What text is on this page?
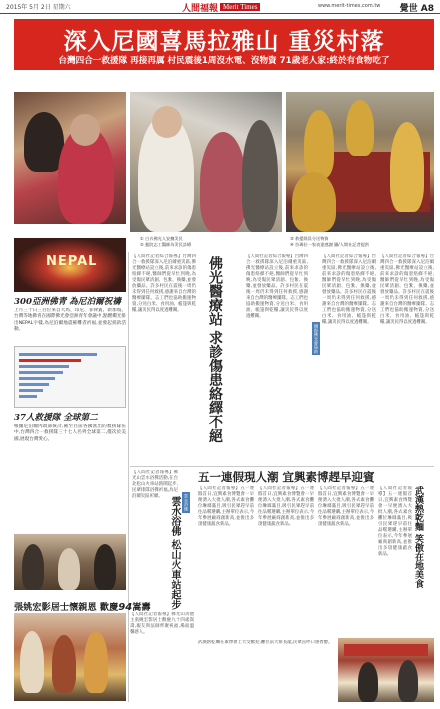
2015年 5月 2日 星期六	人間福報 Merit Times	www.merit-times.com.tw 覺世 A8
深入尼國喜馬拉雅山 重災村落
台灣四合一救援隊 再接再厲 村民震後1周沒水電、沒物資 71歲老人家:終於有食物吃了
① 白衣佛光人安撫災民
② 慈院志工醫師為災民診療
③ 救援隊員分送物資
④ 拉瑪拉一家表達感謝 圖/人間社記者提供
NEPAL
300亞洲佛青 為尼泊爾祝禱
上月三十日三百位來自大馬、印尼、菲律賓、新加坡、台灣等地佛青在國際佛光會亞洲青年會議中,點燃燭光排出NEPAL字樣,為尼泊爾地震罹難者祈福,並發起捐款活動。
37人救援隊 全球第二
根據尼泊爾內政部統計,截至目前各國派出的救援隊伍中,台灣四合一救援隊三十七人名列全球第二,僅次於美國,展現台灣愛心。
【人間社記者綜合報導】台灣四合一救援隊深入尼泊爾重災區,佛光醫療站設立後,前來求診的傷患絡繹不絕,醫師們從早忙到晚,為受傷民眾清創、包紮、換藥,並發放藥品。許多村民在震後一周仍未得到任何救援,感謝來自台灣的醫療團隊。志工們也協助搬運物資,分送白米、食用油、帳篷與乾糧,讓災民得以度過難關。	佛光醫療站 求診傷患絡繹不絕	【人間社記者綜合報導】台灣四合一救援隊深入尼泊爾重災區,佛光醫療站設立後,前來求診的傷患絡繹不絕,醫師們從早忙到晚,為受傷民眾清創、包紮、換藥,並發放藥品。許多村民在震後一周仍未得到任何救援,感謝來自台灣的醫療團隊。志工們也協助搬運物資,分送白米、食用油、帳篷與乾糧,讓災民得以度過難關。
國際佛光會協助
【人間社記者綜合報導】台灣四合一救援隊深入尼泊爾重災區,佛光醫療站設立後,前來求診的傷患絡繹不絕,醫師們從早忙到晚,為受傷民眾清創、包紮、換藥,並發放藥品。許多村民在震後一周仍未得到任何救援,感謝來自台灣的醫療團隊。志工們也協助搬運物資,分送白米、食用油、帳篷與乾糧,讓災民得以度過難關。
【人間社記者綜合報導】台灣四合一救援隊深入尼泊爾重災區,佛光醫療站設立後,前來求診的傷患絡繹不絕,醫師們從早忙到晚,為受傷民眾清創、包紮、換藥,並發放藥品。許多村民在震後一周仍未得到任何救援,感謝來自台灣的醫療團隊。志工們也協助搬運物資,分送白米、食用油、帳篷與乾糧,讓災民得以度過難關。
【人間社記者報導】佛光山雲水浴佛活動,在台北松山火車站熱鬧起步,民眾排隊浴佛祈福,為尼泊爾災區祈願。	雲水浴佛
雲水浴佛 松山火車站起步
五一連假現人潮 宜興素博趕早迎賓
【人間社記者報導】五一連假首日,宜興素食博覽會一早便湧入大批人潮,各式素食攤位琳瑯滿目,吸引民眾趕早前往品嚐選購,主辦單位表示,今年參展廠商創新高,並推出多項健康蔬食新品。
【人間社記者報導】五一連假首日,宜興素食博覽會一早便湧入大批人潮,各式素食攤位琳瑯滿目,吸引民眾趕早前往品嚐選購,主辦單位表示,今年參展廠商創新高,並推出多項健康蔬食新品。
【人間社記者報導】五一連假首日,宜興素食博覽會一早便湧入大批人潮,各式素食攤位琳瑯滿目,吸引民眾趕早前往品嚐選購,主辦單位表示,今年參展廠商創新高,並推出多項健康蔬食新品。
【人間社記者報導】五一連假首日,宜興素食博覽會一早便湧入大批人潮,各式素食攤位琳瑯滿目,吸引民眾趕早前往品嚐選購,主辦單位表示,今年參展廠商創新高,並推出多項健康蔬食新品。	武漢熱乾麵 笑傲在地美食
武漢熱乾麵在素博會上大受歡迎,攤位前大排長龍,民眾直呼口感香醇。
張姚宏影居士懷親恩 歡慶94嵩壽
【人間社記者報導】佛光山功德主張姚宏影居士歡慶九十四歲嵩壽,親友與法師齊聚祝福,場面溫馨感人。
